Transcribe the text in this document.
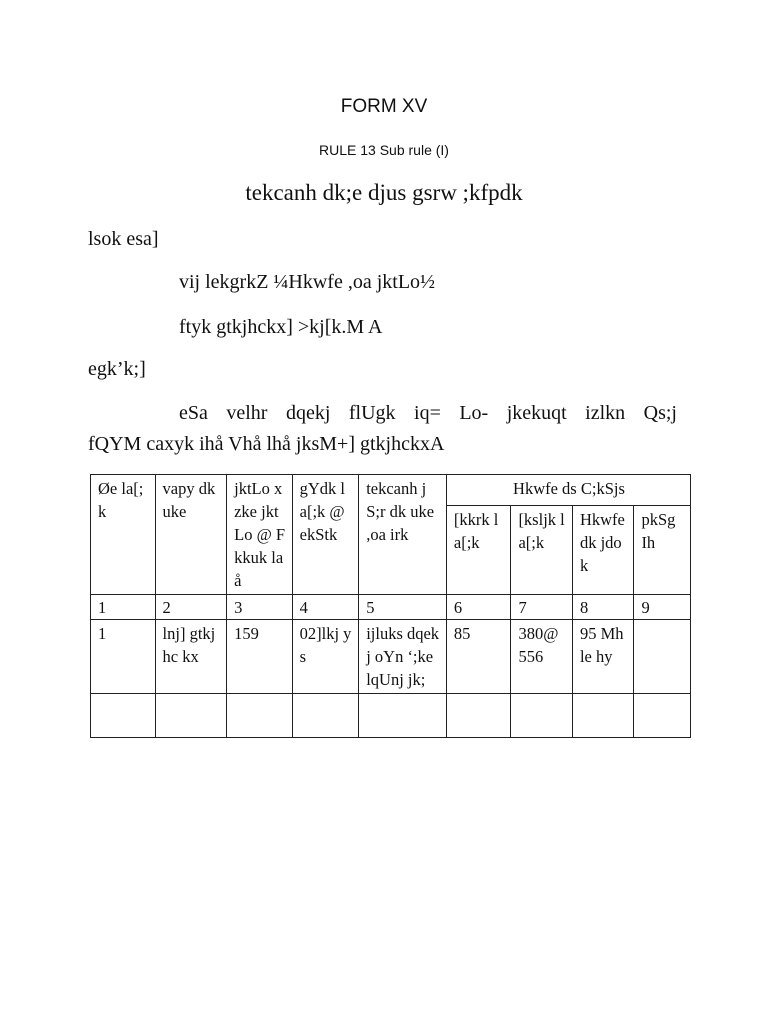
FORM XV
RULE 13 Sub rule (I)
tekcanh dk;e djus gsrw ;kfpdk
lsok esa]
vij lekgrkZ ¼Hkwfe ,oa jktLo½
ftyk gtkjhckx] >kj[k.M A
egk’k;]
eSa velhr dqekj flUgk iq= Lo- jkekuqt izlkn Qs;j
fQYM caxyk ihå Vhå lhå jksM+] gtkjhckxA
Øe la[;k	vapy dk uke	jktLo xzke jktLo @ Fkkuk laå	gYdk la[;k @ ekStk	tekcanh jS;r dk uke ,oa irk	Hkwfe ds C;kSjs			
					[kkrk la[;k	[ksljk la[;k	Hkwfe dk jdok	pkSg Ih
1	2	3	4	5	6	7	8	9
1	lnj] gtkjhc kx	159	02]lkj ys	ijluks dqekj oYn ‘;ke lqUnj jk;	85	380@ 556	95 Mhle hy	
